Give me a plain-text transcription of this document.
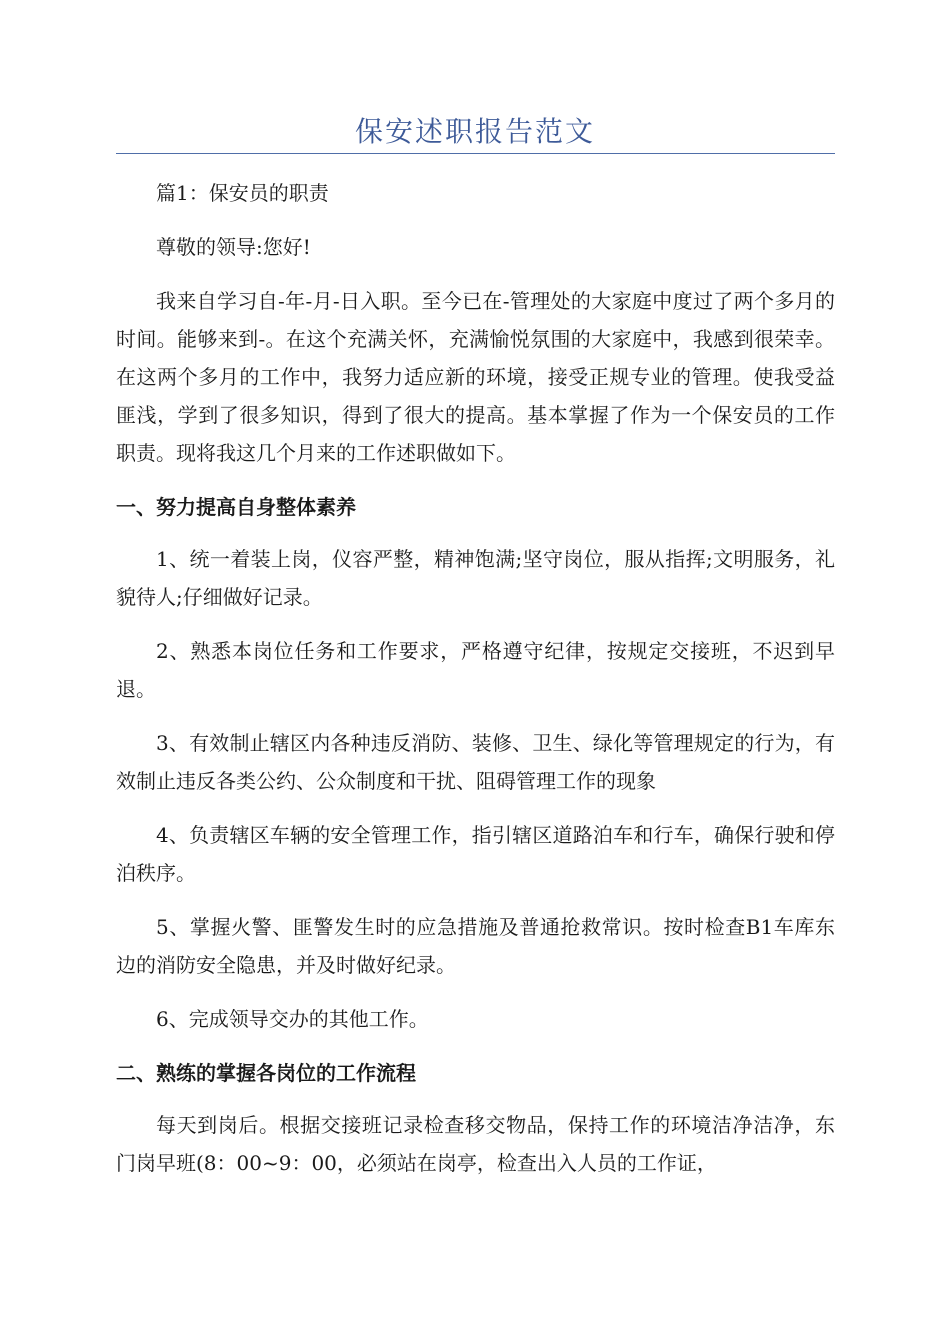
保安述职报告范文

篇1：保安员的职责

尊敬的领导:您好!

我来自学习自-年-月-日入职。至今已在-管理处的大家庭中度过了两个多月的时间。能够来到-。在这个充满关怀，充满愉悦氛围的大家庭中，我感到很荣幸。在这两个多月的工作中，我努力适应新的环境，接受正规专业的管理。使我受益匪浅，学到了很多知识，得到了很大的提高。基本掌握了作为一个保安员的工作职责。现将我这几个月来的工作述职做如下。

一、努力提高自身整体素养

1、统一着装上岗，仪容严整，精神饱满;坚守岗位，服从指挥;文明服务，礼貌待人;仔细做好记录。

2、熟悉本岗位任务和工作要求，严格遵守纪律，按规定交接班，不迟到早退。

3、有效制止辖区内各种违反消防、装修、卫生、绿化等管理规定的行为，有效制止违反各类公约、公众制度和干扰、阻碍管理工作的现象

4、负责辖区车辆的安全管理工作，指引辖区道路泊车和行车，确保行驶和停泊秩序。

5、掌握火警、匪警发生时的应急措施及普通抢救常识。按时检查B1车库东边的消防安全隐患，并及时做好纪录。

6、完成领导交办的其他工作。

二、熟练的掌握各岗位的工作流程

每天到岗后。根据交接班记录检查移交物品，保持工作的环境洁净洁净，东门岗早班(8：00~9：00，必须站在岗亭，检查出入人员的工作证，
